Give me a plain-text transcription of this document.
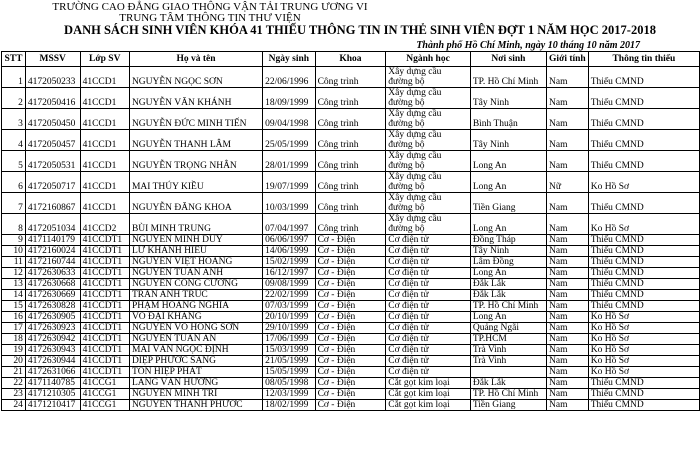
TRƯỜNG CAO ĐẲNG GIAO THÔNG VẬN TẢI TRUNG ƯƠNG VI
TRUNG TÂM THÔNG TIN THƯ VIỆN
DANH SÁCH SINH VIÊN KHÓA 41 THIẾU THÔNG TIN IN THẺ SINH VIÊN ĐỢT 1 NĂM HỌC 2017-2018
Thành phố Hồ Chí Minh, ngày 10 tháng 10 năm 2017
STT	MSSV	Lớp SV	Họ và tên	Ngày sinh	Khoa	Ngành học	Nơi sinh	Giới tính	Thông tin thiếu
1	4172050233	41CCD1	NGUYỄN NGỌC SƠN	22/06/1996	Công trình	Xây dựng cầu đường bộ	TP. Hồ Chí Minh	Nam	Thiếu CMND
2	4172050416	41CCD1	NGUYỄN VĂN KHÁNH	18/09/1999	Công trình	Xây dựng cầu đường bộ	Tây Ninh	Nam	Thiếu CMND
3	4172050450	41CCD1	NGUYỄN ĐỨC MINH TIẾN	09/04/1998	Công trình	Xây dựng cầu đường bộ	Bình Thuận	Nam	Thiếu CMND
4	4172050457	41CCD1	NGUYỄN THANH LÂM	25/05/1999	Công trình	Xây dựng cầu đường bộ	Tây Ninh	Nam	Thiếu CMND
5	4172050531	41CCD1	NGUYỄN TRỌNG NHÂN	28/01/1999	Công trình	Xây dựng cầu đường bộ	Long An	Nam	Thiếu CMND
6	4172050717	41CCD1	MAI THÚY KIỀU	19/07/1999	Công trình	Xây dựng cầu đường bộ	Long An	Nữ	Ko Hồ Sơ
7	4172160867	41CCD1	NGUYỄN ĐĂNG KHOA	10/03/1999	Công trình	Xây dựng cầu đường bộ	Tiền Giang	Nam	Thiếu CMND
8	4172051034	41CCD2	BÙI MINH TRUNG	07/04/1997	Công trình	Xây dựng cầu đường bộ	Long An	Nam	Ko Hồ Sơ
9	4171140179	41CCDT1	NGUYỄN MINH DUY	06/06/1997	Cơ - Điện	Cơ điện tử	Đồng Tháp	Nam	Thiếu CMND
10	4172160024	41CCDT1	LỮ KHÁNH HIẾU	14/06/1999	Cơ - Điện	Cơ điện tử	Tây Ninh	Nam	Thiếu CMND
11	4172160744	41CCDT1	NGUYỄN VIỆT HOÀNG	15/02/1999	Cơ - Điện	Cơ điện tử	Lâm Đồng	Nam	Thiếu CMND
12	4172630633	41CCDT1	NGUYỄN TUẤN ANH	16/12/1997	Cơ - Điện	Cơ điện tử	Long An	Nam	Thiếu CMND
13	4172630668	41CCDT1	NGUYỄN CÔNG CƯỜNG	09/08/1999	Cơ - Điện	Cơ điện tử	Đắk Lắk	Nam	Thiếu CMND
14	4172630669	41CCDT1	TRẦN ANH TRÚC	22/02/1999	Cơ - Điện	Cơ điện tử	Đắk Lắk	Nam	Thiếu CMND
15	4172630828	41CCDT1	PHẠM HOÀNG NGHĨA	07/03/1999	Cơ - Điện	Cơ điện tử	TP. Hồ Chí Minh	Nam	Thiếu CMND
16	4172630905	41CCDT1	VÕ ĐẠI KHANG	20/10/1999	Cơ - Điện	Cơ điện tử	Long An	Nam	Ko Hồ Sơ
17	4172630923	41CCDT1	NGUYỄN VÕ HỒNG SƠN	29/10/1999	Cơ - Điện	Cơ điện tử	Quảng Ngãi	Nam	Ko Hồ Sơ
18	4172630942	41CCDT1	NGUYỄN TUẤN AN	17/06/1999	Cơ - Điện	Cơ điện tử	TP.HCM	Nam	Ko Hồ Sơ
19	4172630943	41CCDT1	MAI VĂN NGỌC ĐỊNH	15/03/1999	Cơ - Điện	Cơ điện tử	Trà Vinh	Nam	Ko Hồ Sơ
20	4172630944	41CCDT1	DIỆP PHƯỚC SANG	21/05/1999	Cơ - Điện	Cơ điện tử	Trà Vinh	Nam	Ko Hồ Sơ
21	4172631066	41CCDT1	TÔN HIỆP PHÁT	15/05/1999	Cơ - Điện	Cơ điện tử		Nam	Ko Hồ Sơ
22	4171140785	41CCG1	LANG VĂN HƯỚNG	08/05/1998	Cơ - Điện	Cắt gọt kim loại	Đắk Lắk	Nam	Thiếu CMND
23	4171210305	41CCG1	NGUYỄN MINH TRÍ	12/03/1999	Cơ - Điện	Cắt gọt kim loại	TP. Hồ Chí Minh	Nam	Thiếu CMND
24	4171210417	41CCG1	NGUYỄN THÀNH PHƯỚC	18/02/1999	Cơ - Điện	Cắt gọt kim loại	Tiền Giang	Nam	Thiếu CMND
